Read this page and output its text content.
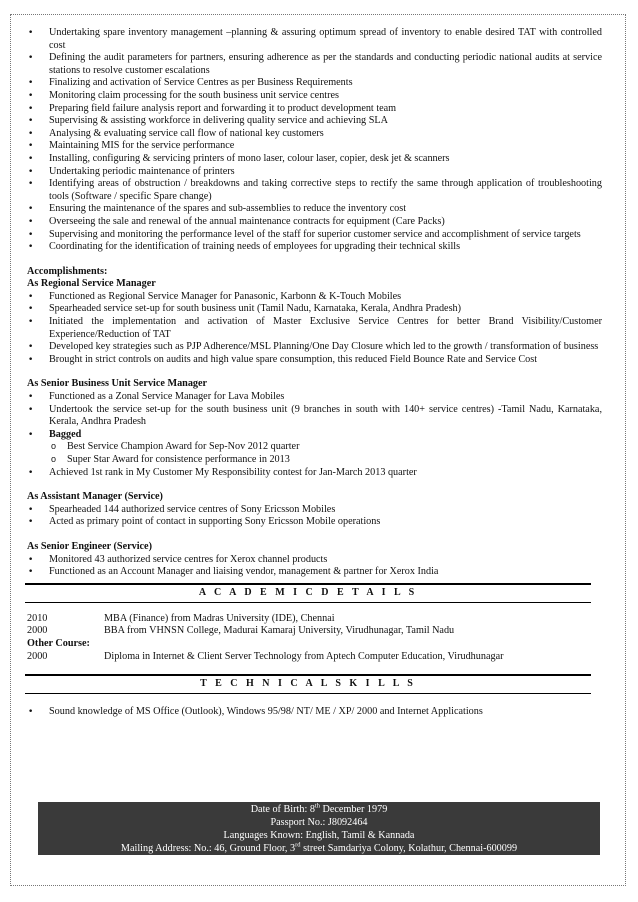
• Undertaking spare inventory management –planning & assuring optimum spread of inventory to enable desired TAT with controlled cost
• Defining the audit parameters for partners, ensuring adherence as per the standards and conducting periodic national audits at service stations to resolve customer escalations
• Finalizing and activation of Service Centres as per Business Requirements
• Monitoring claim processing for the south business unit service centres
• Preparing field failure analysis report and forwarding it to product development team
• Supervising & assisting workforce in delivering quality service and achieving SLA
• Analysing & evaluating service call flow of national key customers
• Maintaining MIS for the service performance
• Installing, configuring & servicing printers of mono laser, colour laser, copier, desk jet & scanners
• Undertaking periodic maintenance of printers
• Identifying areas of obstruction / breakdowns and taking corrective steps to rectify the same through application of troubleshooting tools (Software / specific Spare change)
• Ensuring the maintenance of the spares and sub-assemblies to reduce the inventory cost
• Overseeing the sale and renewal of the annual maintenance contracts for equipment (Care Packs)
• Supervising and monitoring the performance level of the staff for superior customer service and accomplishment of service targets
• Coordinating for the identification of training needs of employees for upgrading their technical skills
Accomplishments:
As Regional Service Manager
• Functioned as Regional Service Manager for Panasonic, Karbonn & K-Touch Mobiles
• Spearheaded service set-up for south business unit (Tamil Nadu, Karnataka, Kerala, Andhra Pradesh)
• Initiated the implementation and activation of Master Exclusive Service Centres for better Brand Visibility/Customer Experience/Reduction of TAT
• Developed key strategies such as PJP Adherence/MSL Planning/One Day Closure which led to the growth / transformation of business
• Brought in strict controls on audits and high value spare consumption, this reduced Field Bounce Rate and Service Cost
As Senior Business Unit Service Manager
• Functioned as a Zonal Service Manager for Lava Mobiles
• Undertook the service set-up for the south business unit (9 branches in south with 140+ service centres) -Tamil Nadu, Karnataka, Kerala, Andhra Pradesh
• Bagged
o Best Service Champion Award for Sep-Nov 2012 quarter
o Super Star Award for consistence performance in 2013
• Achieved 1st rank in My Customer My Responsibility contest for Jan-March 2013 quarter
As Assistant Manager (Service)
• Spearheaded 144 authorized service centres of Sony Ericsson Mobiles
• Acted as primary point of contact in supporting Sony Ericsson Mobile operations
As Senior Engineer (Service)
• Monitored 43 authorized service centres for Xerox channel products
• Functioned as an Account Manager and liaising vendor, management & partner for Xerox India
A C A D E M I C D E T A I L S
2010	MBA (Finance) from Madras University (IDE), Chennai
2000	BBA from VHNSN College, Madurai Kamaraj University, Virudhunagar, Tamil Nadu
Other Course:
2000	Diploma in Internet & Client Server Technology from Aptech Computer Education, Virudhunagar
T E C H N I C A L S K I L L S
• Sound knowledge of MS Office (Outlook), Windows 95/98/ NT/ ME / XP/ 2000 and Internet Applications
Date of Birth: 8th December 1979
Passport No.: J8092464
Languages Known: English, Tamil & Kannada
Mailing Address: No.: 46, Ground Floor, 3rd street Samdariya Colony, Kolathur, Chennai-600099
